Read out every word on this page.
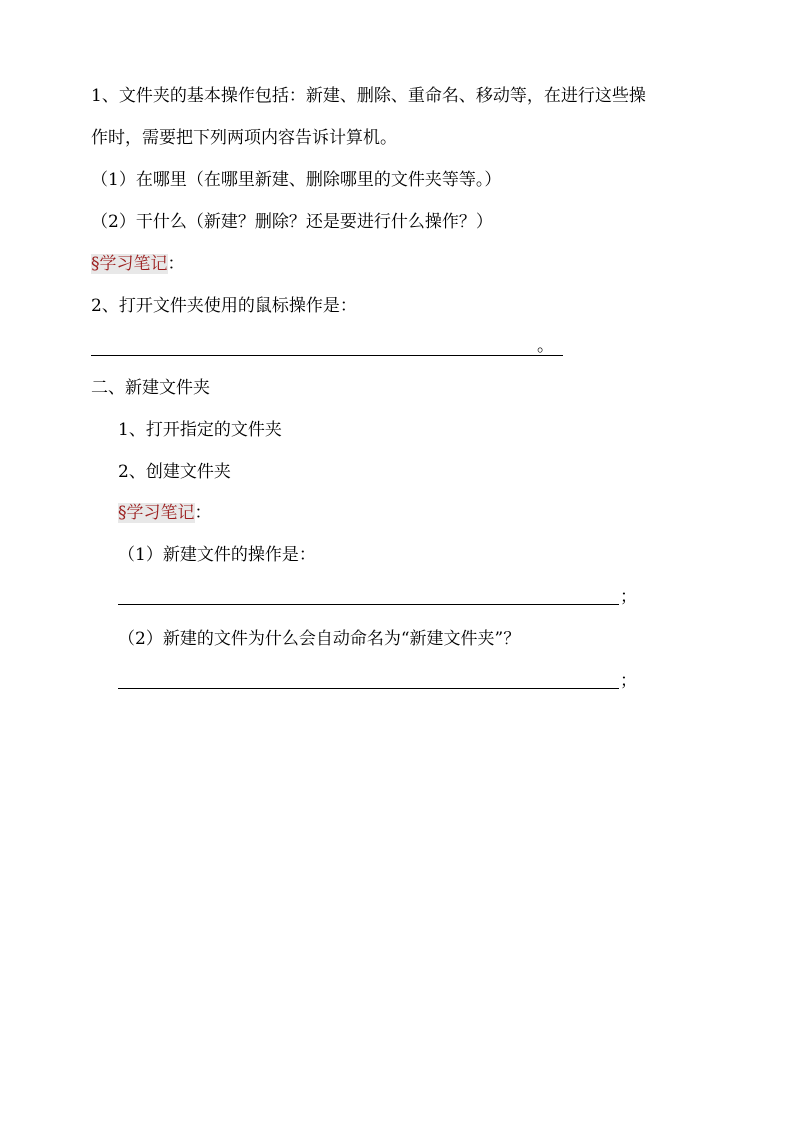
1、文件夹的基本操作包括：新建、删除、重命名、移动等，在进行这些操
作时，需要把下列两项内容告诉计算机。
（1）在哪里（在哪里新建、删除哪里的文件夹等等。）
（2）干什么（新建？删除？还是要进行什么操作？）
§学习笔记：
2、打开文件夹使用的鼠标操作是：
。
二、新建文件夹
1、打开指定的文件夹
2、创建文件夹
§学习笔记：
（1）新建文件的操作是：
；
（2）新建的文件为什么会自动命名为“新建文件夹”？
；
